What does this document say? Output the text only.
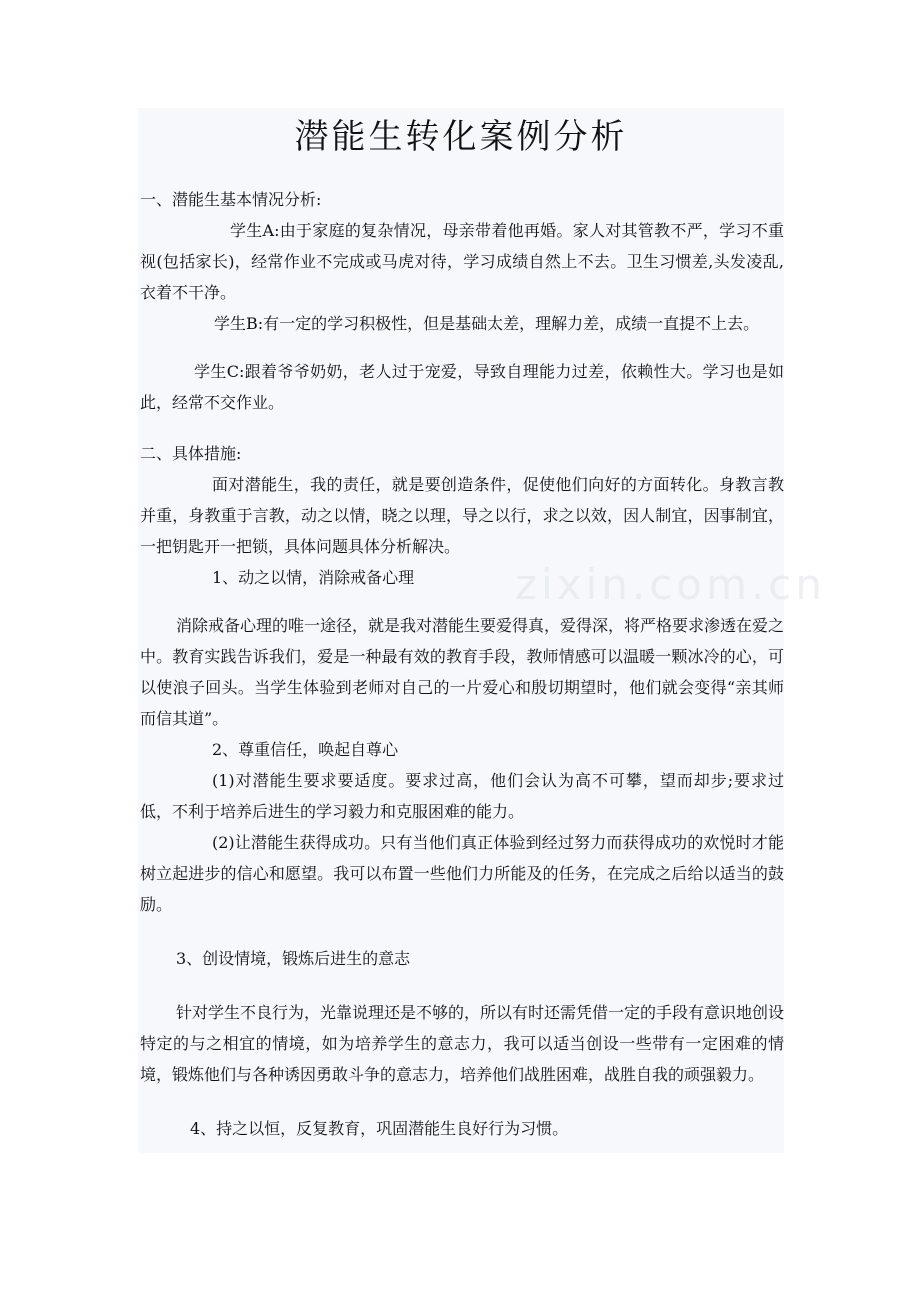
潜能生转化案例分析
zixin.com.cn

一、潜能生基本情况分析:

学生A:由于家庭的复杂情况，母亲带着他再婚。家人对其管教不严，学习不重视(包括家长)，经常作业不完成或马虎对待，学习成绩自然上不去。卫生习惯差,头发凌乱,衣着不干净。

学生B:有一定的学习积极性，但是基础太差，理解力差，成绩一直提不上去。

学生C:跟着爷爷奶奶，老人过于宠爱，导致自理能力过差，依赖性大。学习也是如此，经常不交作业。

二、具体措施:

面对潜能生，我的责任，就是要创造条件，促使他们向好的方面转化。身教言教并重，身教重于言教，动之以情，晓之以理，导之以行，求之以效，因人制宜，因事制宜，一把钥匙开一把锁，具体问题具体分析解决。

1、动之以情，消除戒备心理

消除戒备心理的唯一途径，就是我对潜能生要爱得真，爱得深，将严格要求渗透在爱之中。教育实践告诉我们，爱是一种最有效的教育手段，教师情感可以温暖一颗冰冷的心，可以使浪子回头。当学生体验到老师对自己的一片爱心和殷切期望时，他们就会变得“亲其师而信其道”。

2、尊重信任，唤起自尊心

(1)对潜能生要求要适度。要求过高，他们会认为高不可攀，望而却步;要求过低，不利于培养后进生的学习毅力和克服困难的能力。

(2)让潜能生获得成功。只有当他们真正体验到经过努力而获得成功的欢悦时才能树立起进步的信心和愿望。我可以布置一些他们力所能及的任务，在完成之后给以适当的鼓励。

3、创设情境，锻炼后进生的意志

针对学生不良行为，光靠说理还是不够的，所以有时还需凭借一定的手段有意识地创设特定的与之相宜的情境，如为培养学生的意志力，我可以适当创设一些带有一定困难的情境，锻炼他们与各种诱因勇敢斗争的意志力，培养他们战胜困难，战胜自我的顽强毅力。

4、持之以恒，反复教育，巩固潜能生良好行为习惯。
